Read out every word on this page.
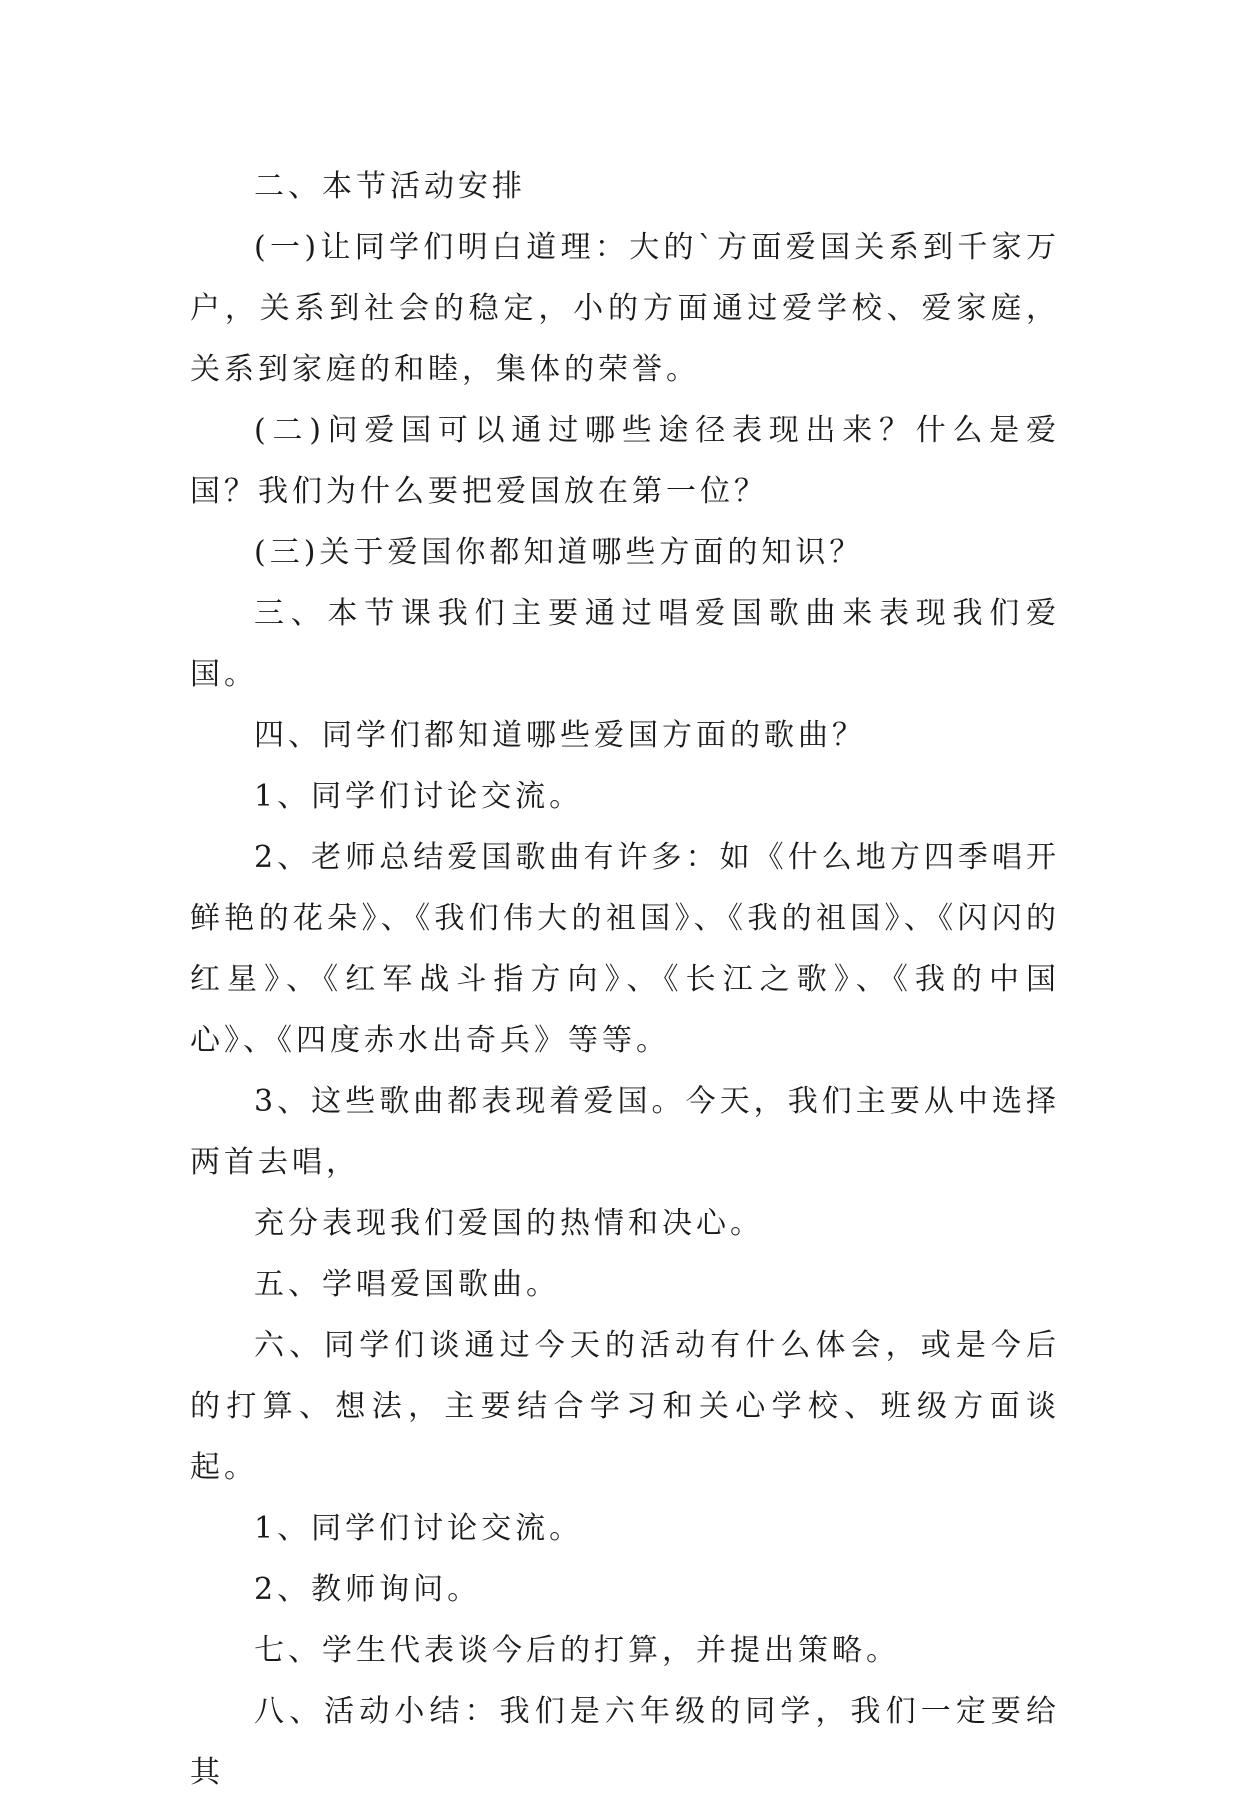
二、本节活动安排

(一)让同学们明白道理：大的`方面爱国关系到千家万户，关系到社会的稳定，小的方面通过爱学校、爱家庭，关系到家庭的和睦，集体的荣誉。

(二)问爱国可以通过哪些途径表现出来？什么是爱国？我们为什么要把爱国放在第一位？

(三)关于爱国你都知道哪些方面的知识？

三、本节课我们主要通过唱爱国歌曲来表现我们爱国。

四、同学们都知道哪些爱国方面的歌曲？

1、同学们讨论交流。

2、老师总结爱国歌曲有许多：如《什么地方四季唱开鲜艳的花朵》、《我们伟大的祖国》、《我的祖国》、《闪闪的红星》、《红军战斗指方向》、《长江之歌》、《我的中国心》、《四度赤水出奇兵》等等。

3、这些歌曲都表现着爱国。今天，我们主要从中选择两首去唱，

充分表现我们爱国的热情和决心。

五、学唱爱国歌曲。

六、同学们谈通过今天的活动有什么体会，或是今后的打算、想法，主要结合学习和关心学校、班级方面谈起。

1、同学们讨论交流。

2、教师询问。

七、学生代表谈今后的打算，并提出策略。

八、活动小结：我们是六年级的同学，我们一定要给其
